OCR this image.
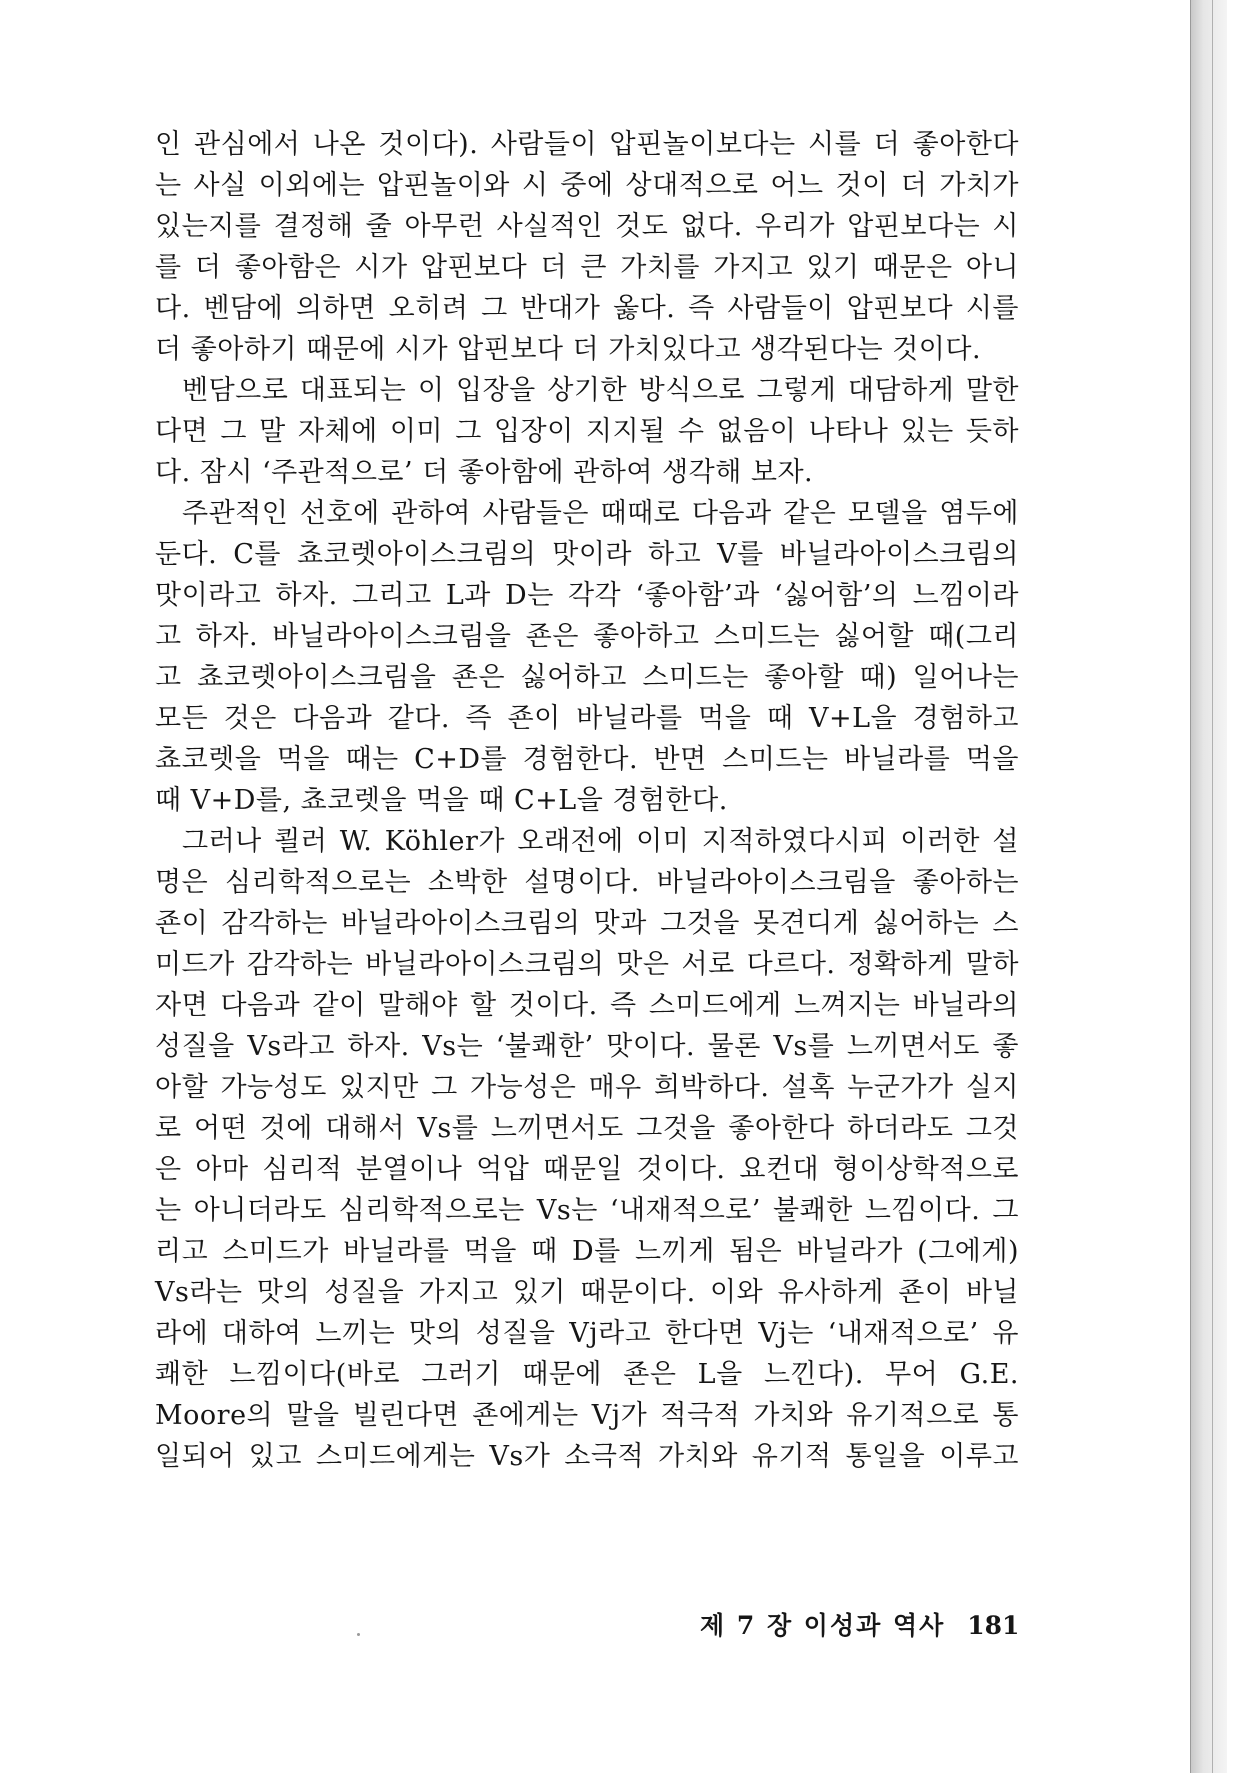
인 관심에서 나온 것이다). 사람들이 압핀놀이보다는 시를 더 좋아한다
는 사실 이외에는 압핀놀이와 시 중에 상대적으로 어느 것이 더 가치가
있는지를 결정해 줄 아무런 사실적인 것도 없다. 우리가 압핀보다는 시
를 더 좋아함은 시가 압핀보다 더 큰 가치를 가지고 있기 때문은 아니
다. 벤담에 의하면 오히려 그 반대가 옳다. 즉 사람들이 압핀보다 시를
더 좋아하기 때문에 시가 압핀보다 더 가치있다고 생각된다는 것이다.
벤담으로 대표되는 이 입장을 상기한 방식으로 그렇게 대담하게 말한
다면 그 말 자체에 이미 그 입장이 지지될 수 없음이 나타나 있는 듯하
다. 잠시 ‘주관적으로’ 더 좋아함에 관하여 생각해 보자.
주관적인 선호에 관하여 사람들은 때때로 다음과 같은 모델을 염두에
둔다. C를 쵸코렛아이스크림의 맛이라 하고 V를 바닐라아이스크림의
맛이라고 하자. 그리고 L과 D는 각각 ‘좋아함’과 ‘싫어함’의 느낌이라
고 하자. 바닐라아이스크림을 죤은 좋아하고 스미드는 싫어할 때(그리
고 쵸코렛아이스크림을 죤은 싫어하고 스미드는 좋아할 때) 일어나는
모든 것은 다음과 같다. 즉 죤이 바닐라를 먹을 때 V+L을 경험하고
쵸코렛을 먹을 때는 C+D를 경험한다. 반면 스미드는 바닐라를 먹을
때 V+D를, 쵸코렛을 먹을 때 C+L을 경험한다.
그러나 쾰러 W. Köhler가 오래전에 이미 지적하였다시피 이러한 설
명은 심리학적으로는 소박한 설명이다. 바닐라아이스크림을 좋아하는
죤이 감각하는 바닐라아이스크림의 맛과 그것을 못견디게 싫어하는 스
미드가 감각하는 바닐라아이스크림의 맛은 서로 다르다. 정확하게 말하
자면 다음과 같이 말해야 할 것이다. 즉 스미드에게 느껴지는 바닐라의
성질을 Vs라고 하자. Vs는 ‘불쾌한’ 맛이다. 물론 Vs를 느끼면서도 좋
아할 가능성도 있지만 그 가능성은 매우 희박하다. 설혹 누군가가 실지
로 어떤 것에 대해서 Vs를 느끼면서도 그것을 좋아한다 하더라도 그것
은 아마 심리적 분열이나 억압 때문일 것이다. 요컨대 형이상학적으로
는 아니더라도 심리학적으로는 Vs는 ‘내재적으로’ 불쾌한 느낌이다. 그
리고 스미드가 바닐라를 먹을 때 D를 느끼게 됨은 바닐라가 (그에게)
Vs라는 맛의 성질을 가지고 있기 때문이다. 이와 유사하게 죤이 바닐
라에 대하여 느끼는 맛의 성질을 Vj라고 한다면 Vj는 ‘내재적으로’ 유
쾌한 느낌이다(바로 그러기 때문에 죤은 L을 느낀다). 무어 G.E.
Moore의 말을 빌린다면 죤에게는 Vj가 적극적 가치와 유기적으로 통
일되어 있고 스미드에게는 Vs가 소극적 가치와 유기적 통일을 이루고
제 7 장 이성과 역사 181
